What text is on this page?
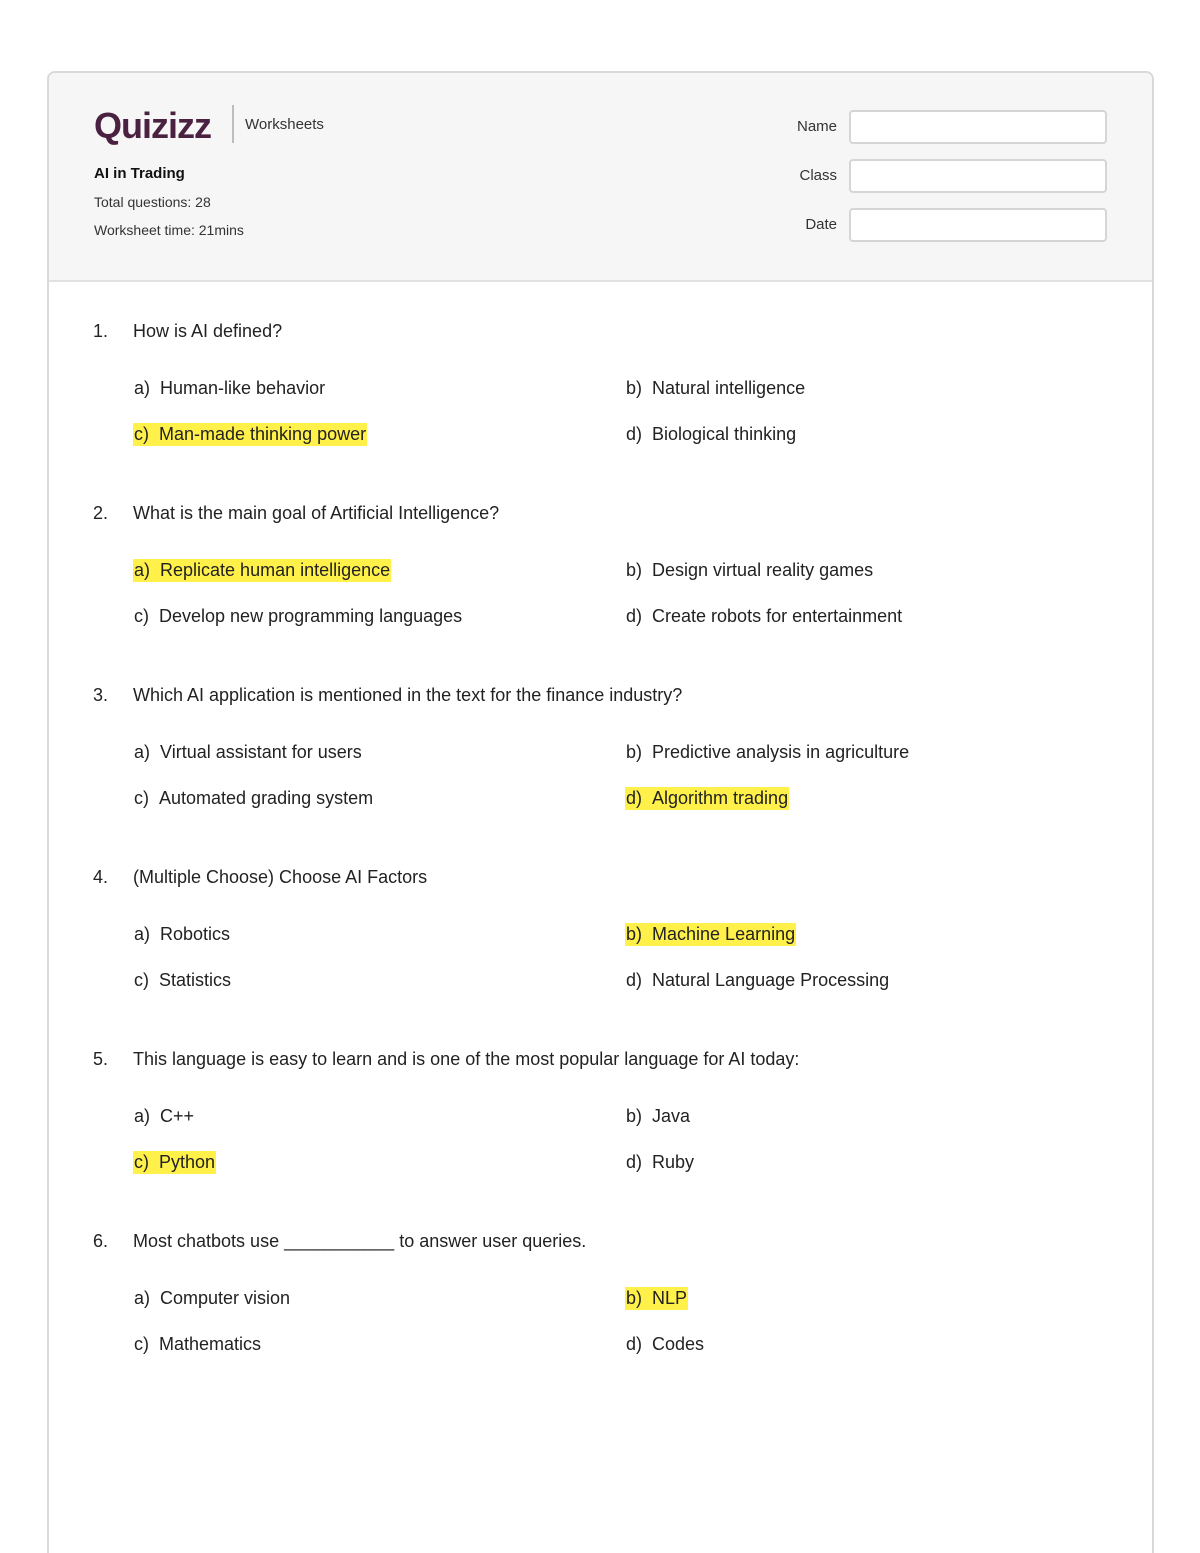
Quizizz Worksheets
AI in Trading
Total questions: 28
Worksheet time: 21mins
Name
Class
Date
1. How is AI defined?
a) Human-like behavior	b) Natural intelligence
c) Man-made thinking power	d) Biological thinking
2. What is the main goal of Artificial Intelligence?
a) Replicate human intelligence	b) Design virtual reality games
c) Develop new programming languages	d) Create robots for entertainment
3. Which AI application is mentioned in the text for the finance industry?
a) Virtual assistant for users	b) Predictive analysis in agriculture
c) Automated grading system	d) Algorithm trading
4. (Multiple Choose) Choose AI Factors
a) Robotics	b) Machine Learning
c) Statistics	d) Natural Language Processing
5. This language is easy to learn and is one of the most popular language for AI today:
a) C++	b) Java
c) Python	d) Ruby
6. Most chatbots use ___________ to answer user queries.
a) Computer vision	b) NLP
c) Mathematics	d) Codes
